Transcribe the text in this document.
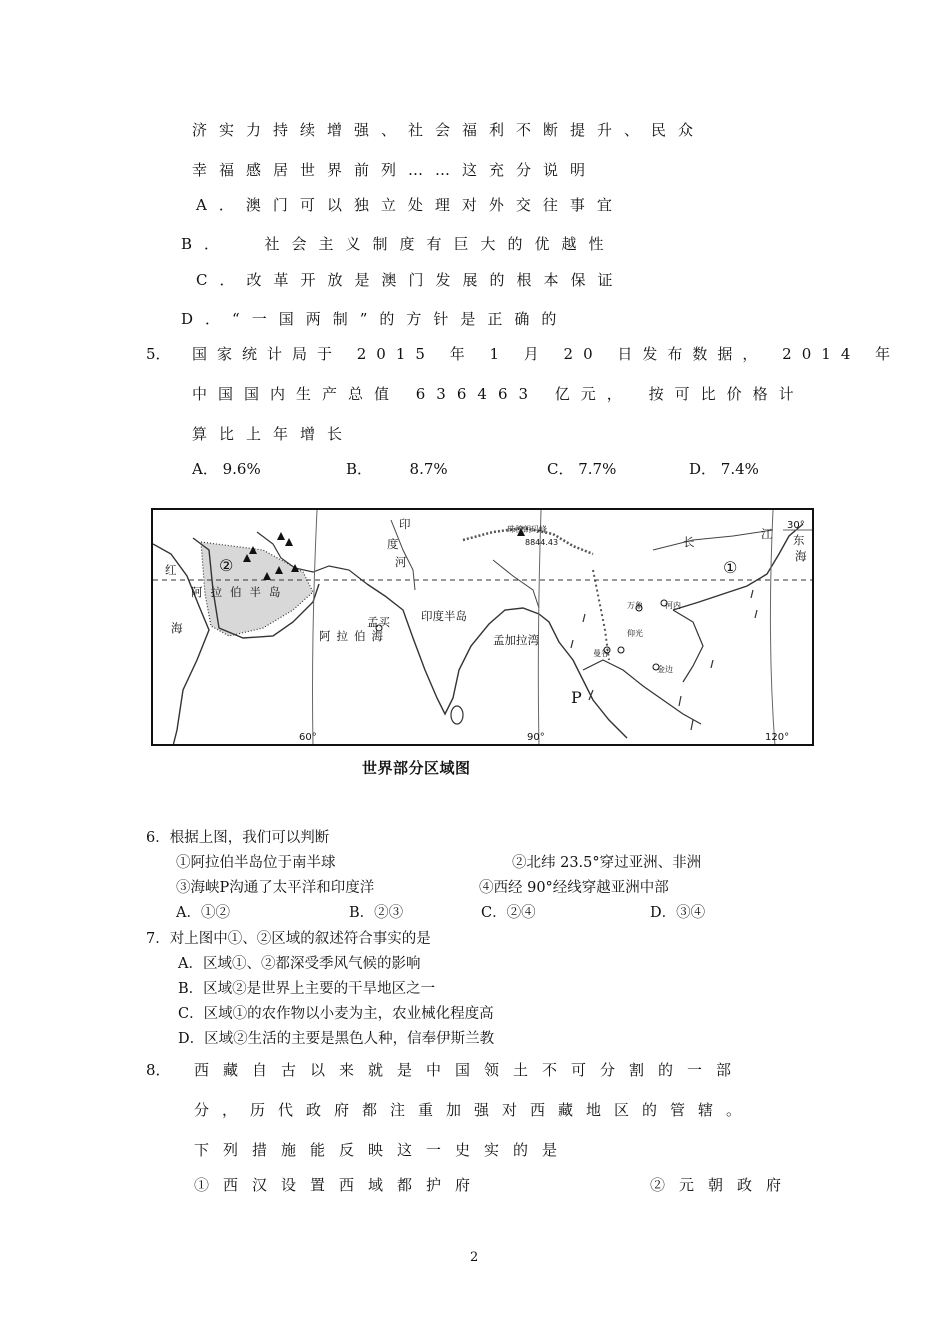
济实力持续增强、社会福利不断提升、民众
幸福感居世界前列……这充分说明
A．澳门可以独立处理对外交往事宜
B．  社会主义制度有巨大的优越性
C．改革开放是澳门发展的根本保证
D．“一国两制”的方针是正确的
5． 国家统计局于 2015 年 1 月 20 日发布数据， 2014 年
中国国内生产总值 636463 亿元， 按可比价格计
算比上年增长
A． 9.6%	B．  8.7%	C． 7.7%	D． 7.4%
红
海
②
阿拉伯半岛
阿拉伯海
孟买	印度半岛
孟加拉湾
印
度
河
珠穆朗玛峰
8844.43	长
江 东
海
①
河内
万象
仰光
曼谷
金边
P
30°
60°	90°	120°
世界部分区域图
6．根据上图，我们可以判断
①阿拉伯半岛位于南半球	②北纬 23.5°穿过亚洲、非洲
③海峡P沟通了太平洋和印度洋	④西经 90°经线穿越亚洲中部
A．①②	B．②③	C．②④	D．③④
7．对上图中①、②区域的叙述符合事实的是
A．区域①、②都深受季风气候的影响
B．区域②是世界上主要的干旱地区之一
C．区域①的农作物以小麦为主，农业械化程度高
D．区域②生活的主要是黑色人种，信奉伊斯兰教
8． 西藏自古以来就是中国领土不可分割的一部
分，历代政府都注重加强对西藏地区的管辖。
下列措施能反映这一史实的是
①西汉设置西域都护府	②元朝政府
2
